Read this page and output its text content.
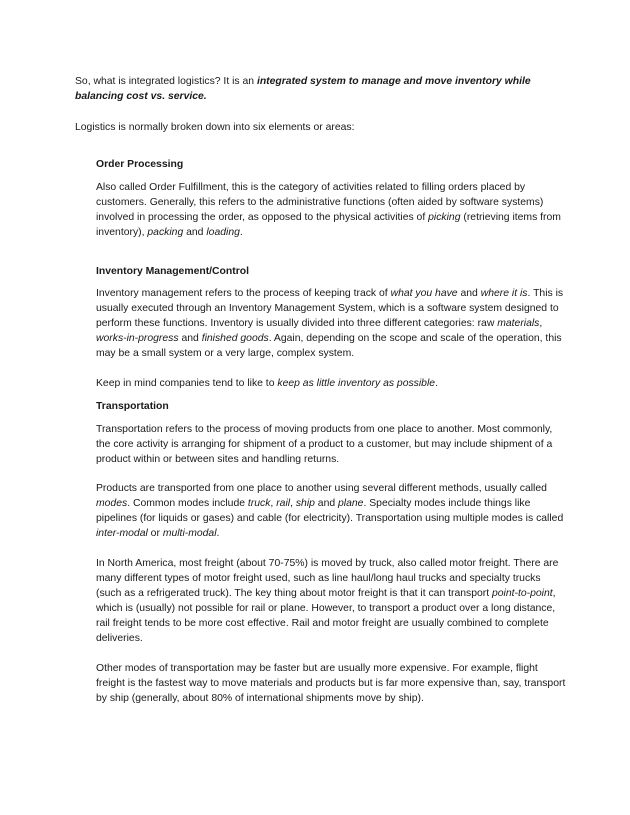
So, what is integrated logistics? It is an integrated system to manage and move inventory while balancing cost vs. service.

Logistics is normally broken down into six elements or areas:

Order Processing

Also called Order Fulfillment, this is the category of activities related to filling orders placed by customers. Generally, this refers to the administrative functions (often aided by software systems) involved in processing the order, as opposed to the physical activities of picking (retrieving items from inventory), packing and loading.

Inventory Management/Control

Inventory management refers to the process of keeping track of what you have and where it is. This is usually executed through an Inventory Management System, which is a software system designed to perform these functions. Inventory is usually divided into three different categories: raw materials, works-in-progress and finished goods. Again, depending on the scope and scale of the operation, this may be a small system or a very large, complex system.

Keep in mind companies tend to like to keep as little inventory as possible.

Transportation

Transportation refers to the process of moving products from one place to another. Most commonly, the core activity is arranging for shipment of a product to a customer, but may include shipment of a product within or between sites and handling returns.

Products are transported from one place to another using several different methods, usually called modes. Common modes include truck, rail, ship and plane. Specialty modes include things like pipelines (for liquids or gases) and cable (for electricity). Transportation using multiple modes is called inter-modal or multi-modal.

In North America, most freight (about 70-75%) is moved by truck, also called motor freight. There are many different types of motor freight used, such as line haul/long haul trucks and specialty trucks (such as a refrigerated truck). The key thing about motor freight is that it can transport point-to-point, which is (usually) not possible for rail or plane. However, to transport a product over a long distance, rail freight tends to be more cost effective. Rail and motor freight are usually combined to complete deliveries.

Other modes of transportation may be faster but are usually more expensive. For example, flight freight is the fastest way to move materials and products but is far more expensive than, say, transport by ship (generally, about 80% of international shipments move by ship).
